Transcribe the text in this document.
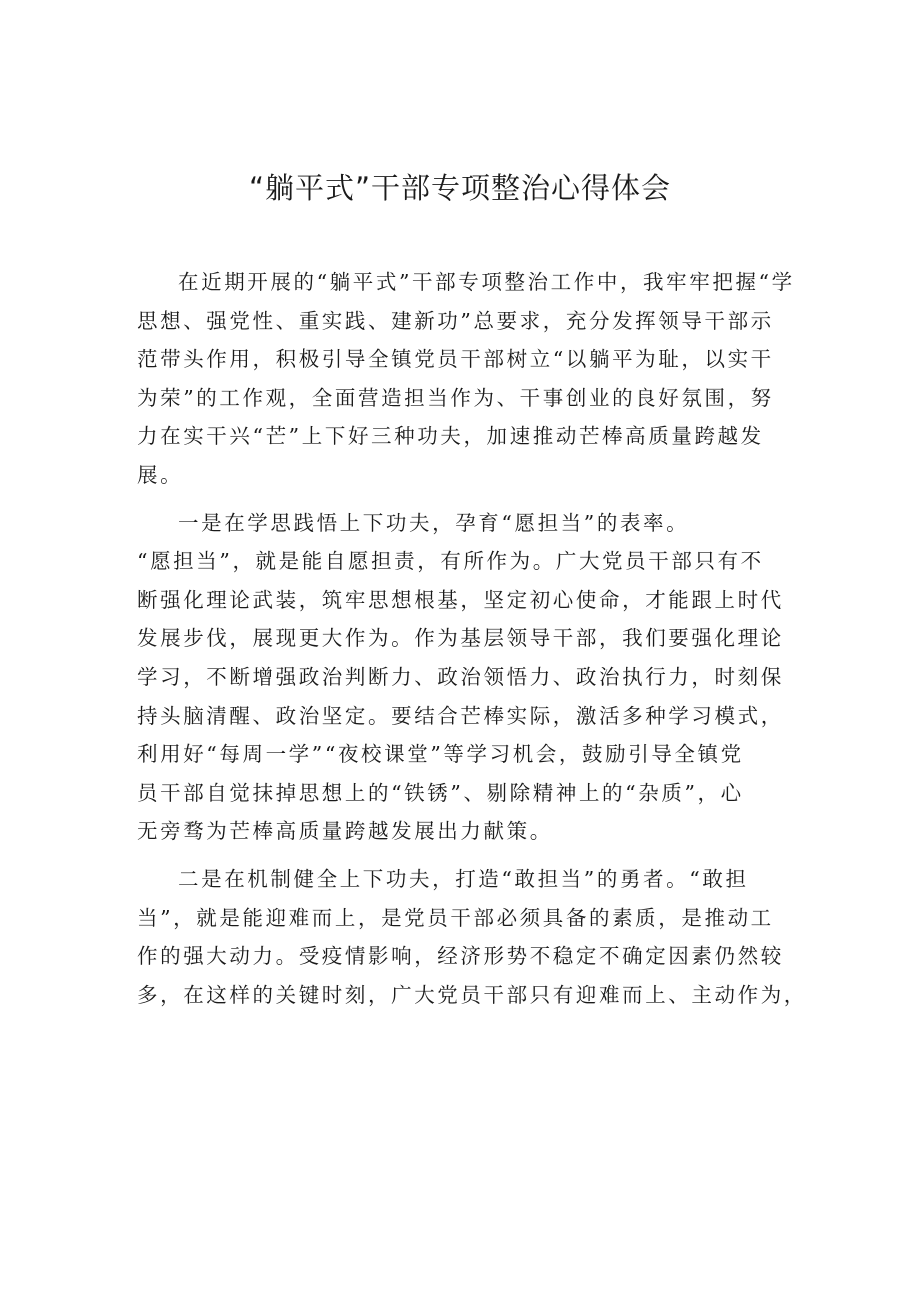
“躺平式”干部专项整治心得体会

在近期开展的“躺平式”干部专项整治工作中，我牢牢把握“学
思想、强党性、重实践、建新功”总要求，充分发挥领导干部示
范带头作用，积极引导全镇党员干部树立“以躺平为耻，以实干
为荣”的工作观，全面营造担当作为、干事创业的良好氛围，努
力在实干兴“芒”上下好三种功夫，加速推动芒棒高质量跨越发
展。

一是在学思践悟上下功夫，孕育“愿担当”的表率。
“愿担当”，就是能自愿担责，有所作为。广大党员干部只有不
断强化理论武装，筑牢思想根基，坚定初心使命，才能跟上时代
发展步伐，展现更大作为。作为基层领导干部，我们要强化理论
学习，不断增强政治判断力、政治领悟力、政治执行力，时刻保
持头脑清醒、政治坚定。要结合芒棒实际，激活多种学习模式，
利用好“每周一学”“夜校课堂”等学习机会，鼓励引导全镇党
员干部自觉抹掉思想上的“铁锈”、剔除精神上的“杂质”，心
无旁骛为芒棒高质量跨越发展出力献策。

二是在机制健全上下功夫，打造“敢担当”的勇者。“敢担
当”，就是能迎难而上，是党员干部必须具备的素质，是推动工
作的强大动力。受疫情影响，经济形势不稳定不确定因素仍然较
多，在这样的关键时刻，广大党员干部只有迎难而上、主动作为，
